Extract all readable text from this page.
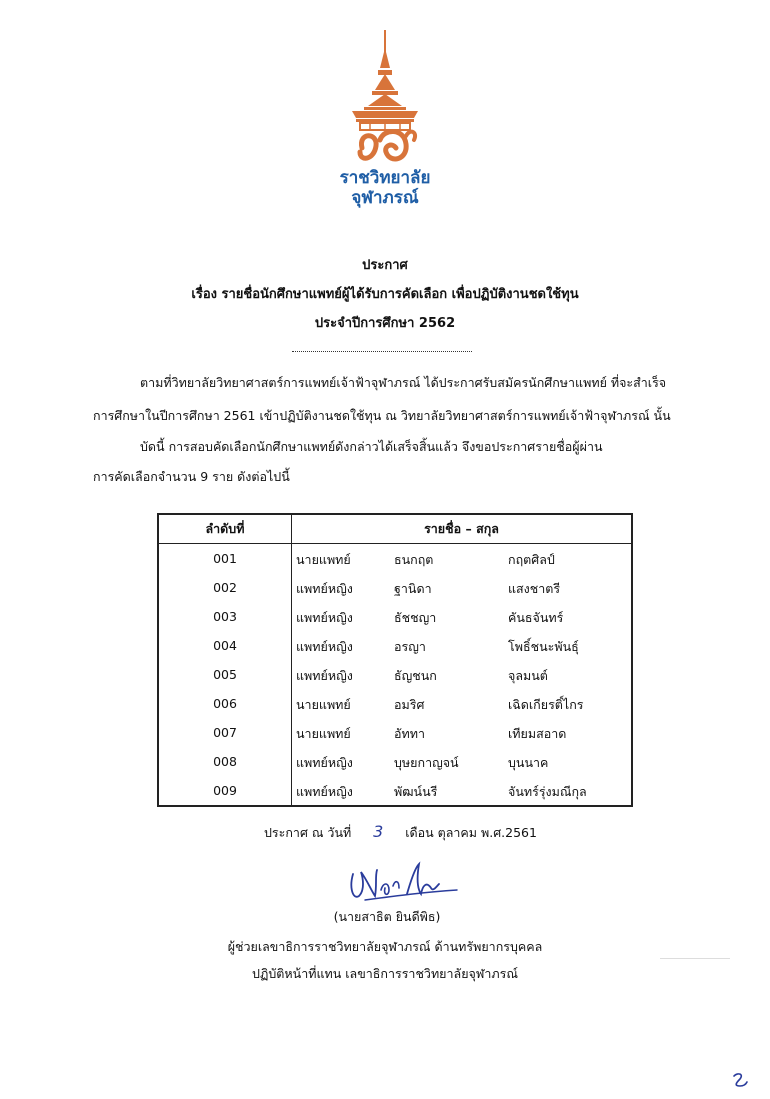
ราชวิทยาลัย
จุฬาภรณ์
ประกาศ
เรื่อง รายชื่อนักศึกษาแพทย์ผู้ได้รับการคัดเลือก เพื่อปฏิบัติงานชดใช้ทุน
ประจำปีการศึกษา 2562
ตามที่วิทยาลัยวิทยาศาสตร์การแพทย์เจ้าฟ้าจุฬาภรณ์ ได้ประกาศรับสมัครนักศึกษาแพทย์ ที่จะสำเร็จ
การศึกษาในปีการศึกษา 2561 เข้าปฏิบัติงานชดใช้ทุน ณ วิทยาลัยวิทยาศาสตร์การแพทย์เจ้าฟ้าจุฬาภรณ์ นั้น
บัดนี้ การสอบคัดเลือกนักศึกษาแพทย์ดังกล่าวได้เสร็จสิ้นแล้ว จึงขอประกาศรายชื่อผู้ผ่าน
การคัดเลือกจำนวน 9 ราย ดังต่อไปนี้
ลำดับที่	รายชื่อ – สกุล
001	นายแพทย์ ธนกฤต กฤตศิลป์

002	แพทย์หญิง ฐานิดา แสงชาตรี

003	แพทย์หญิง ธัชชญา คันธจันทร์

004	แพทย์หญิง อรญา โพธิ์ชนะพันธุ์

005	แพทย์หญิง ธัญชนก จุลมนต์

006	นายแพทย์ อมริศ เฉิดเกียรติ์ไกร

007	นายแพทย์ อัททา เทียมสอาด

008	แพทย์หญิง บุษยกาญจน์ บุนนาค

009	แพทย์หญิง พัฒน์นรี จันทร์รุ่งมณีกุล
ประกาศ ณ วันที่ 3 เดือน ตุลาคม พ.ศ.2561
(นายสาธิต ยินดีพิธ)
ผู้ช่วยเลขาธิการราชวิทยาลัยจุฬาภรณ์ ด้านทรัพยากรบุคคล
ปฏิบัติหน้าที่แทน เลขาธิการราชวิทยาลัยจุฬาภรณ์
